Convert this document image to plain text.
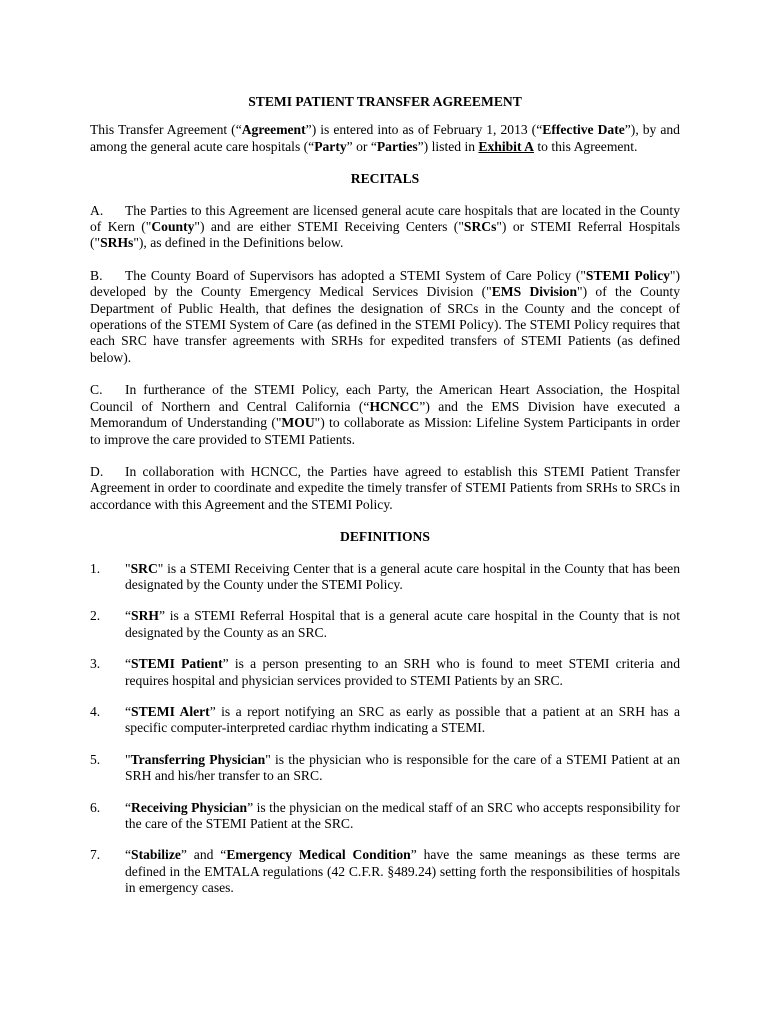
STEMI PATIENT TRANSFER AGREEMENT

This Transfer Agreement (“Agreement”) is entered into as of February 1, 2013 (“Effective Date”), by and among the general acute care hospitals (“Party” or “Parties”) listed in Exhibit A to this Agreement.

RECITALS

A. The Parties to this Agreement are licensed general acute care hospitals that are located in the County of Kern ("County") and are either STEMI Receiving Centers ("SRCs") or STEMI Referral Hospitals ("SRHs"), as defined in the Definitions below.

B. The County Board of Supervisors has adopted a STEMI System of Care Policy ("STEMI Policy") developed by the County Emergency Medical Services Division ("EMS Division") of the County Department of Public Health, that defines the designation of SRCs in the County and the concept of operations of the STEMI System of Care (as defined in the STEMI Policy). The STEMI Policy requires that each SRC have transfer agreements with SRHs for expedited transfers of STEMI Patients (as defined below).

C. In furtherance of the STEMI Policy, each Party, the American Heart Association, the Hospital Council of Northern and Central California (“HCNCC”) and the EMS Division have executed a Memorandum of Understanding ("MOU") to collaborate as Mission: Lifeline System Participants in order to improve the care provided to STEMI Patients.

D. In collaboration with HCNCC, the Parties have agreed to establish this STEMI Patient Transfer Agreement in order to coordinate and expedite the timely transfer of STEMI Patients from SRHs to SRCs in accordance with this Agreement and the STEMI Policy.

DEFINITIONS

1.	"SRC" is a STEMI Receiving Center that is a general acute care hospital in the County that has been designated by the County under the STEMI Policy.
2.	“SRH” is a STEMI Referral Hospital that is a general acute care hospital in the County that is not designated by the County as an SRC.
3.	“STEMI Patient” is a person presenting to an SRH who is found to meet STEMI criteria and requires hospital and physician services provided to STEMI Patients by an SRC.
4.	“STEMI Alert” is a report notifying an SRC as early as possible that a patient at an SRH has a specific computer-interpreted cardiac rhythm indicating a STEMI.
5.	"Transferring Physician" is the physician who is responsible for the care of a STEMI Patient at an SRH and his/her transfer to an SRC.
6.	“Receiving Physician” is the physician on the medical staff of an SRC who accepts responsibility for the care of the STEMI Patient at the SRC.
7.	“Stabilize” and “Emergency Medical Condition” have the same meanings as these terms are defined in the EMTALA regulations (42 C.F.R. §489.24) setting forth the responsibilities of hospitals in emergency cases.
